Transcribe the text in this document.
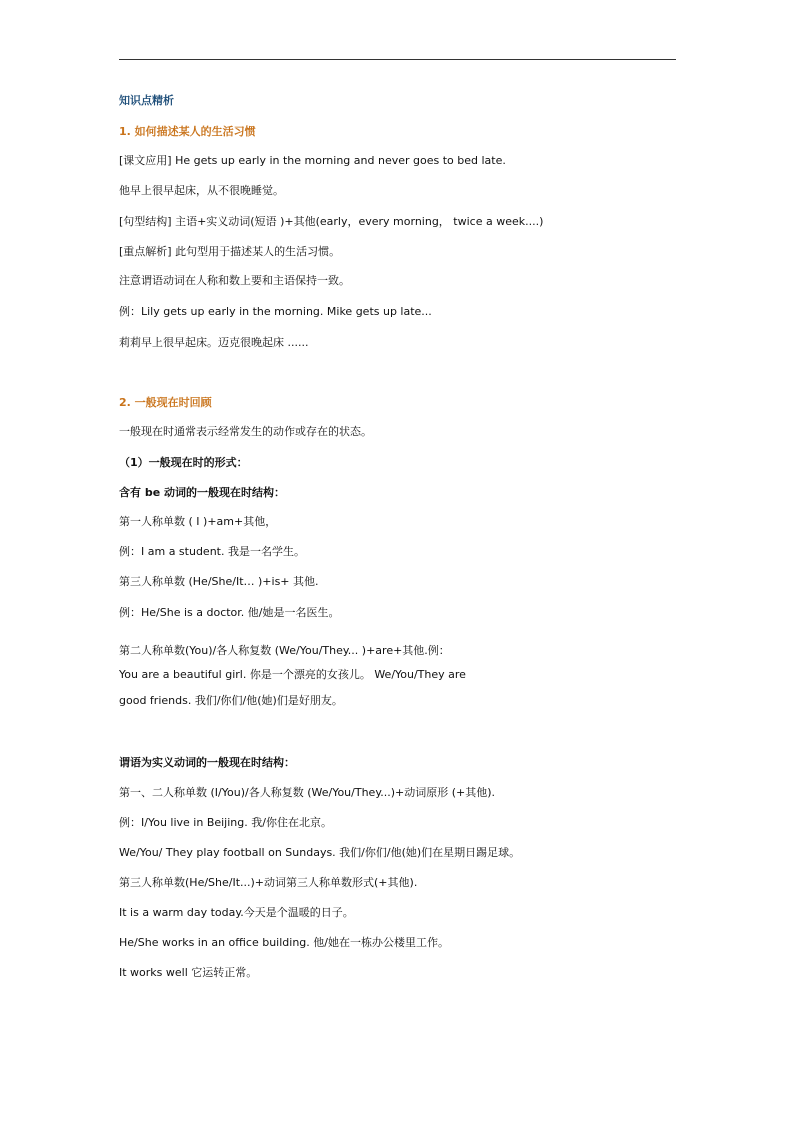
知识点精析
1. 如何描述某人的生活习惯
[课文应用] He gets up early in the morning and never goes to bed late.
他早上很早起床，从不很晚睡觉。
[句型结构] 主语+实义动词(短语 )+其他(early，every morning， twice a week....)
[重点解析] 此句型用于描述某人的生活习惯。
注意谓语动词在人称和数上要和主语保持一致。
例：Lily gets up early in the morning. Mike gets up late...
莉莉早上很早起床。迈克很晚起床 ......
2. 一般现在时回顾
一般现在时通常表示经常发生的动作或存在的状态。
（1）一般现在时的形式：
含有 be 动词的一般现在时结构：
第一人称单数 ( I )+am+其他，
例：I am a student. 我是一名学生。
第三人称单数 (He/She/It… )+is+ 其他.
例：He/She is a doctor. 他/她是一名医生。
第二人称单数(You)/各人称复数 (We/You/They... )+are+其他.例：
You are a beautiful girl. 你是一个漂亮的女孩儿。 We/You/They are
good friends. 我们/你们/他(她)们是好朋友。
谓语为实义动词的一般现在时结构：
第一、二人称单数 (I/You)/各人称复数 (We/You/They...)+动词原形 (+其他).
例：I/You live in Beijing. 我/你住在北京。
We/You/ They play football on Sundays. 我们/你们/他(她)们在星期日踢足球。
第三人称单数(He/She/It...)+动词第三人称单数形式(+其他).
It is a warm day today.今天是个温暖的日子。
He/She works in an office building. 他/她在一栋办公楼里工作。
It works well 它运转正常。
